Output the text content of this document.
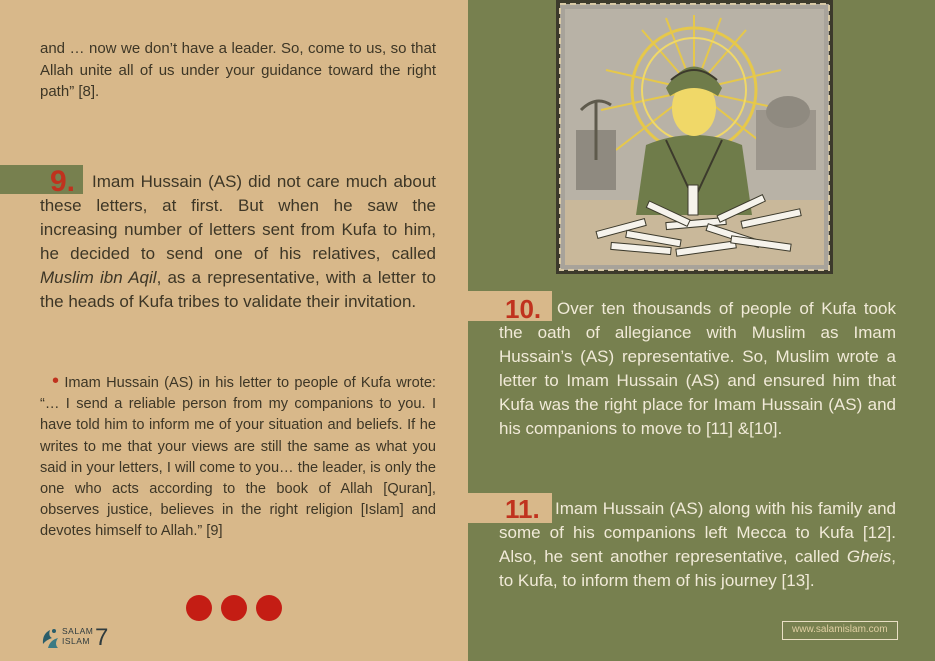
and … now we don’t have a leader. So, come to us, so that Allah unite all of us under your guidance toward the right path” [8].

9. Imam Hussain (AS) did not care much about these letters, at first. But when he saw the increasing number of letters sent from Kufa to him, he decided to send one of his relatives, called Muslim ibn Aqil, as a representative, with a letter to the heads of Kufa tribes to validate their invitation.

• Imam Hussain (AS) in his letter to people of Kufa wrote: “… I send a reliable person from my companions to you. I have told him to inform me of your situation and beliefs. If he writes to me that your views are still the same as what you said in your letters, I will come to you… the leader, is only the one who acts according to the book of Allah [Quran], observes justice, believes in the right religion [Islam] and devotes himself to Allah.” [9]

10. Over ten thousands of people of Kufa took the oath of allegiance with Muslim as Imam Hussain’s (AS) representative. So, Muslim wrote a letter to Imam Hussain (AS) and ensured him that Kufa was the right place for Imam Hussain (AS) and his companions to move to [11] &[10].

11. Imam Hussain (AS) along with his family and some of his companions left Mecca to Kufa [12]. Also, he sent another representative, called Gheis, to Kufa, to inform them of his journey [13].

SALAM
ISLAM 7	www.salamislam.com
